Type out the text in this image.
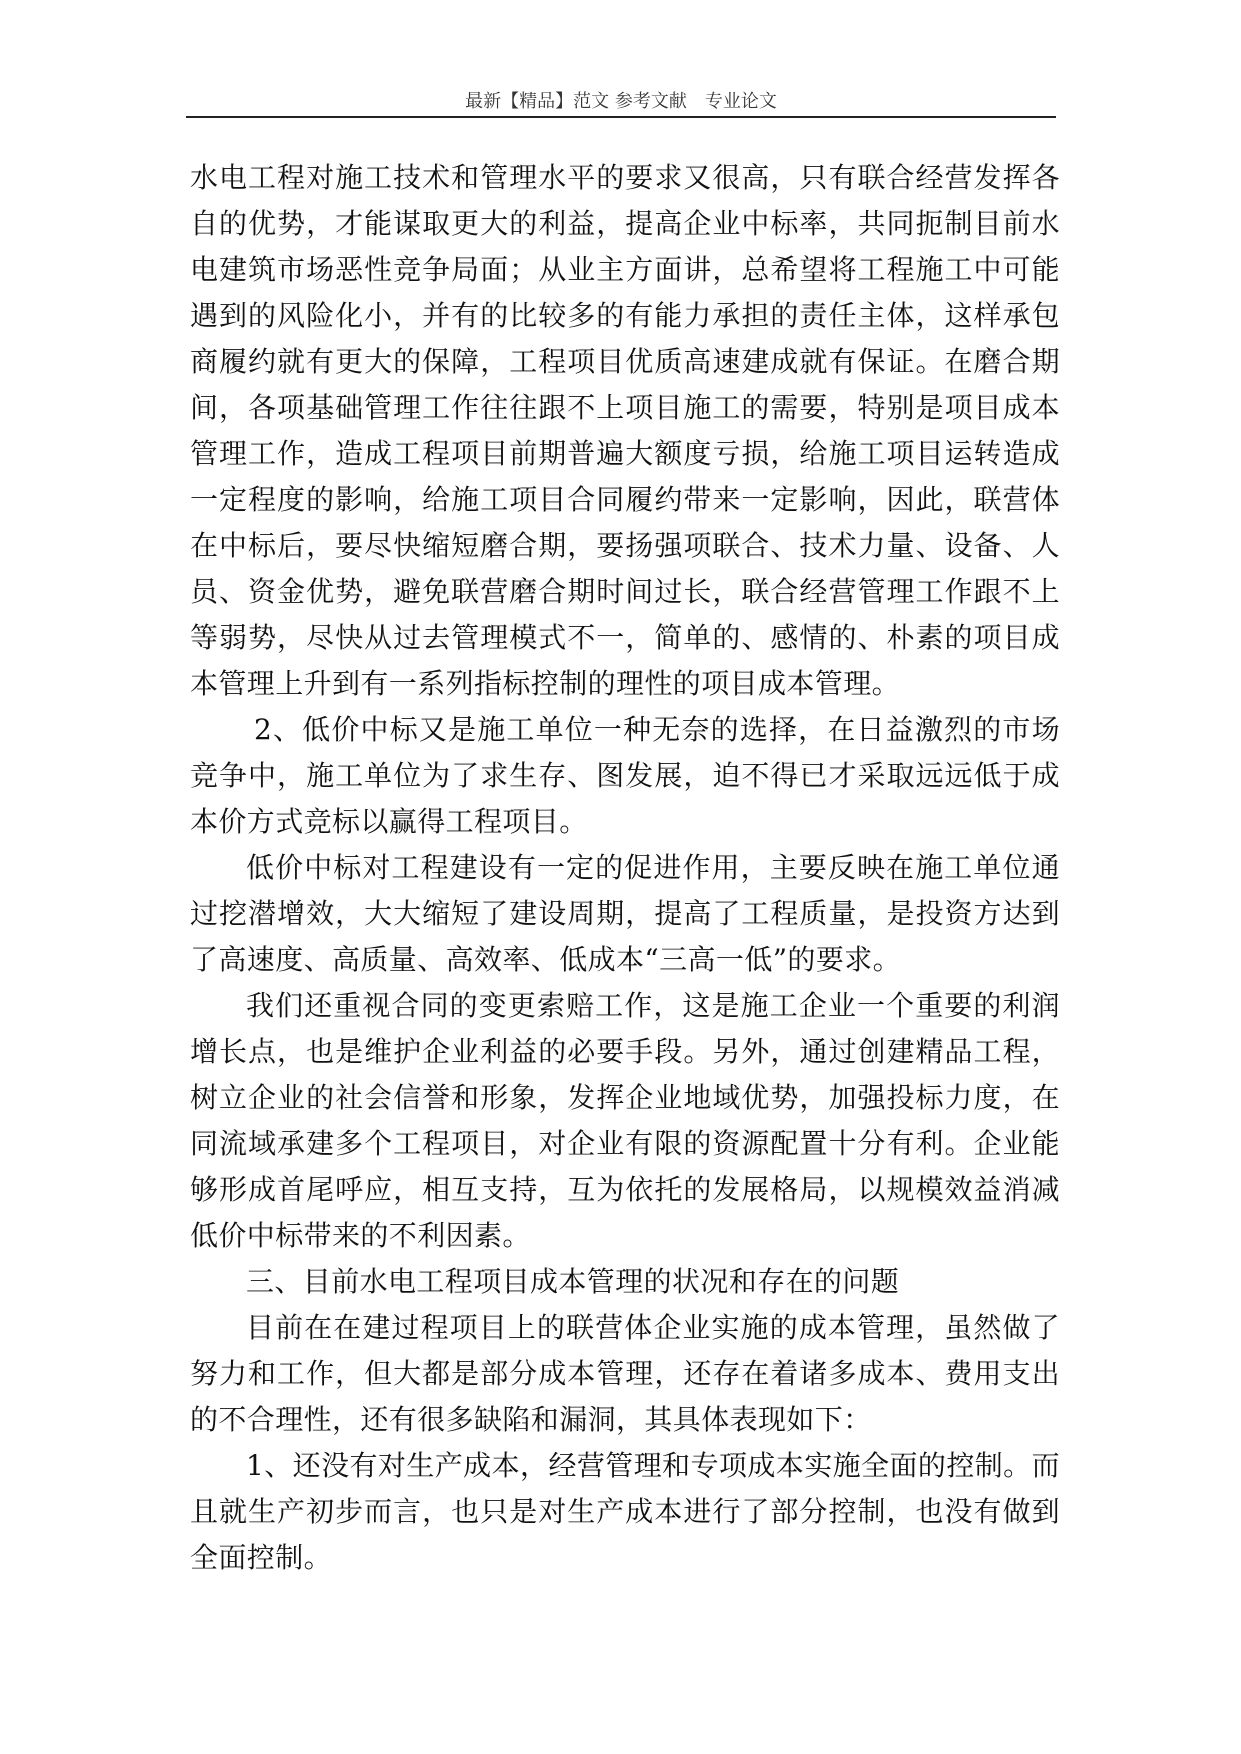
最新【精品】范文 参考文献　专业论文

水电工程对施工技术和管理水平的要求又很高，只有联合经营发挥各自的优势，才能谋取更大的利益，提高企业中标率，共同扼制目前水电建筑市场恶性竞争局面；从业主方面讲，总希望将工程施工中可能遇到的风险化小，并有的比较多的有能力承担的责任主体，这样承包商履约就有更大的保障，工程项目优质高速建成就有保证。在磨合期间，各项基础管理工作往往跟不上项目施工的需要，特别是项目成本管理工作，造成工程项目前期普遍大额度亏损，给施工项目运转造成一定程度的影响，给施工项目合同履约带来一定影响，因此，联营体在中标后，要尽快缩短磨合期，要扬强项联合、技术力量、设备、人员、资金优势，避免联营磨合期时间过长，联合经营管理工作跟不上等弱势，尽快从过去管理模式不一，简单的、感情的、朴素的项目成本管理上升到有一系列指标控制的理性的项目成本管理。

2、低价中标又是施工单位一种无奈的选择，在日益激烈的市场竞争中，施工单位为了求生存、图发展，迫不得已才采取远远低于成本价方式竞标以赢得工程项目。

低价中标对工程建设有一定的促进作用，主要反映在施工单位通过挖潜增效，大大缩短了建设周期，提高了工程质量，是投资方达到了高速度、高质量、高效率、低成本“三高一低”的要求。

我们还重视合同的变更索赔工作，这是施工企业一个重要的利润增长点，也是维护企业利益的必要手段。另外，通过创建精品工程，树立企业的社会信誉和形象，发挥企业地域优势，加强投标力度，在同流域承建多个工程项目，对企业有限的资源配置十分有利。企业能够形成首尾呼应，相互支持，互为依托的发展格局，以规模效益消减低价中标带来的不利因素。

三、目前水电工程项目成本管理的状况和存在的问题

目前在在建过程项目上的联营体企业实施的成本管理，虽然做了努力和工作，但大都是部分成本管理，还存在着诸多成本、费用支出的不合理性，还有很多缺陷和漏洞，其具体表现如下：

1、还没有对生产成本，经营管理和专项成本实施全面的控制。而且就生产初步而言，也只是对生产成本进行了部分控制，也没有做到全面控制。
